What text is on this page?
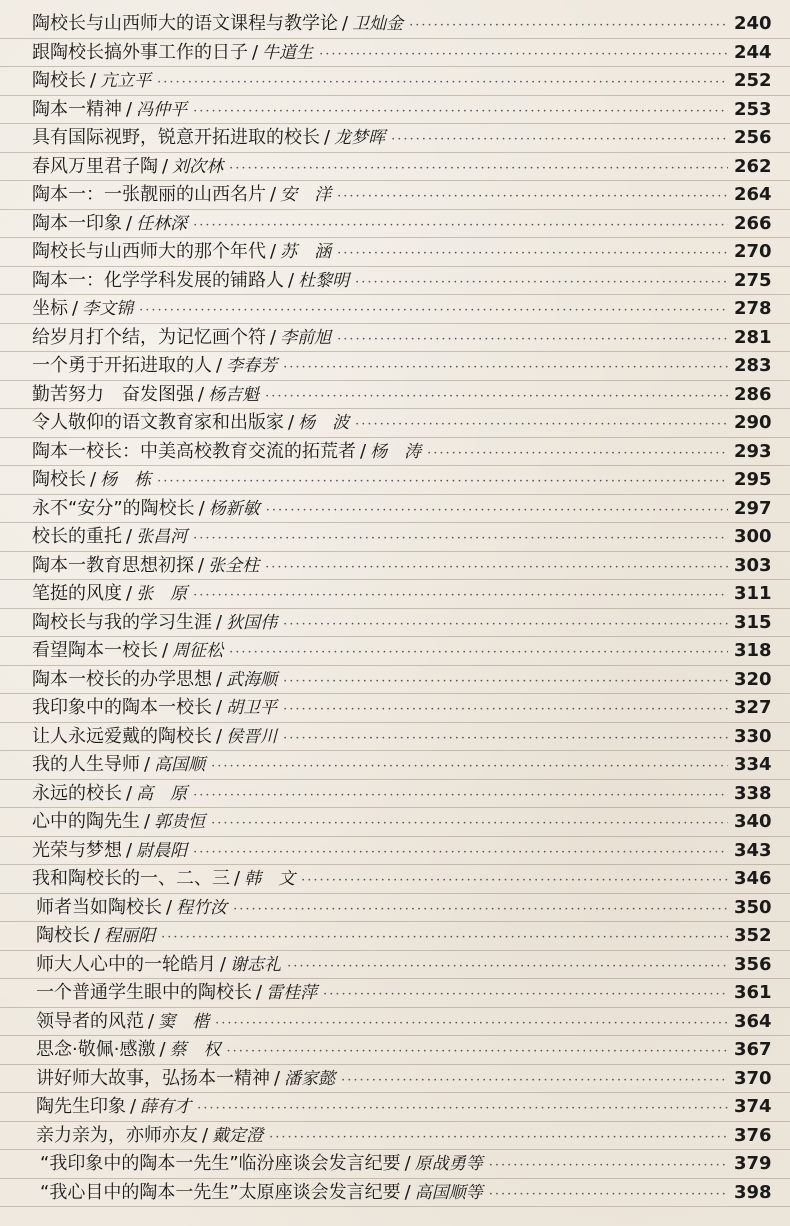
陶校长与山西师大的语文课程与教学论 / 卫灿金 ·····	240
跟陶校长搞外事工作的日子 / 牛道生 ·····	244
陶校长 / 亢立平 ·····	252
陶本一精神 / 冯仲平 ·····	253
具有国际视野，锐意开拓进取的校长 / 龙梦晖 ·····	256
春风万里君子陶 / 刘次林 ·····	262
陶本一：一张靓丽的山西名片 / 安　洋 ·····	264
陶本一印象 / 任林深 ·····	266
陶校长与山西师大的那个年代 / 苏　涵 ·····	270
陶本一：化学学科发展的铺路人 / 杜黎明 ·····	275
坐标 / 李文锦 ·····	278
给岁月打个结，为记忆画个符 / 李前旭 ·····	281
一个勇于开拓进取的人 / 李春芳 ·····	283
勤苦努力　奋发图强 / 杨吉魁 ·····	286
令人敬仰的语文教育家和出版家 / 杨　波 ·····	290
陶本一校长：中美高校教育交流的拓荒者 / 杨　涛 ·····	293
陶校长 / 杨　栋 ·····	295
永不“安分”的陶校长 / 杨新敏 ·····	297
校长的重托 / 张昌河 ·····	300
陶本一教育思想初探 / 张全柱 ·····	303
笔挺的风度 / 张　原 ·····	311
陶校长与我的学习生涯 / 狄国伟 ·····	315
看望陶本一校长 / 周征松 ·····	318
陶本一校长的办学思想 / 武海顺 ·····	320
我印象中的陶本一校长 / 胡卫平 ·····	327
让人永远爱戴的陶校长 / 侯晋川 ·····	330
我的人生导师 / 高国顺 ·····	334
永远的校长 / 高　原 ·····	338
心中的陶先生 / 郭贵恒 ·····	340
光荣与梦想 / 尉晨阳 ·····	343
我和陶校长的一、二、三 / 韩　文 ·····	346
师者当如陶校长 / 程竹汝 ·····	350
陶校长 / 程丽阳 ·····	352
师大人心中的一轮皓月 / 谢志礼 ·····	356
一个普通学生眼中的陶校长 / 雷桂萍 ·····	361
领导者的风范 / 窦　楷 ·····	364
思念·敬佩·感激 / 蔡　权 ·····	367
讲好师大故事，弘扬本一精神 / 潘家懿 ·····	370
陶先生印象 / 薛有才 ·····	374
亲力亲为，亦师亦友 / 戴定澄 ·····	376
“我印象中的陶本一先生”临汾座谈会发言纪要 / 原战勇等 ·····	379
“我心目中的陶本一先生”太原座谈会发言纪要 / 高国顺等 ·····	398
